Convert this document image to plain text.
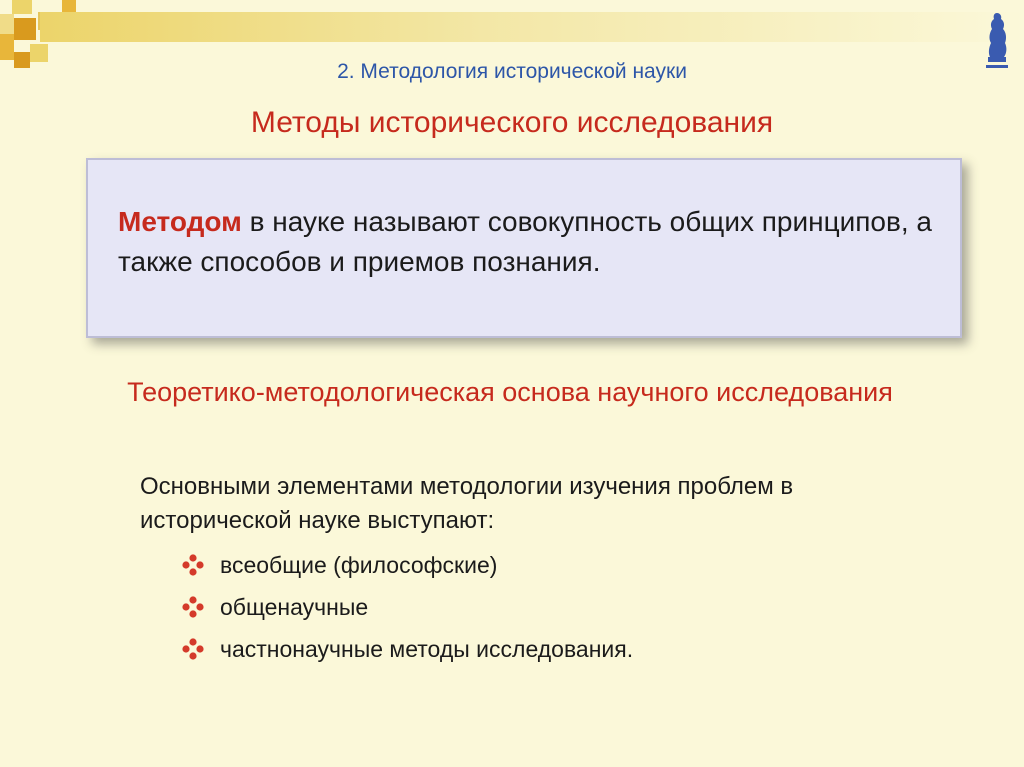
2. Методология исторической науки
Методы исторического исследования
Методом в науке называют совокупность общих принципов, а также способов и приемов познания.
Теоретико-методологическая основа научного исследования
Основными элементами методологии изучения проблем в исторической науке выступают:
всеобщие (философские)
общенаучные
частнонаучные методы исследования.
